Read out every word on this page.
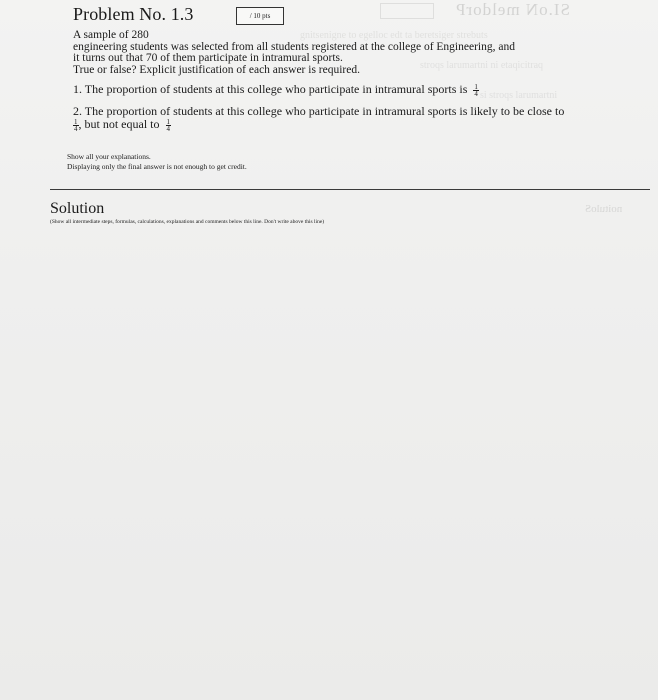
SI.oN meldorP
gnitsenigne to egelloc edt ta beretsiger strebuts
stroqs larumartni ni etaqicitraq
si stroqs larumartni
Problem No. 1.3	/ 10 pts
A sample of 280
engineering students was selected from all students registered at the college of Engineering, and
it turns out that 70 of them participate in intramural sports.
True or false? Explicit justification of each answer is required.
1. The proportion of students at this college who participate in intramural sports is $\frac{1}{4}$
2. The proportion of students at this college who participate in intramural sports is likely to be close to
$\frac{1}{4}$ , but not equal to $\frac{1}{4}$
Show all your explanations.
Displaying only the final answer is not enough to get credit.
Solution
(Show all intermediate steps, formulas, calculations, explanations and comments below this line. Don't write above this line)
noituloS
